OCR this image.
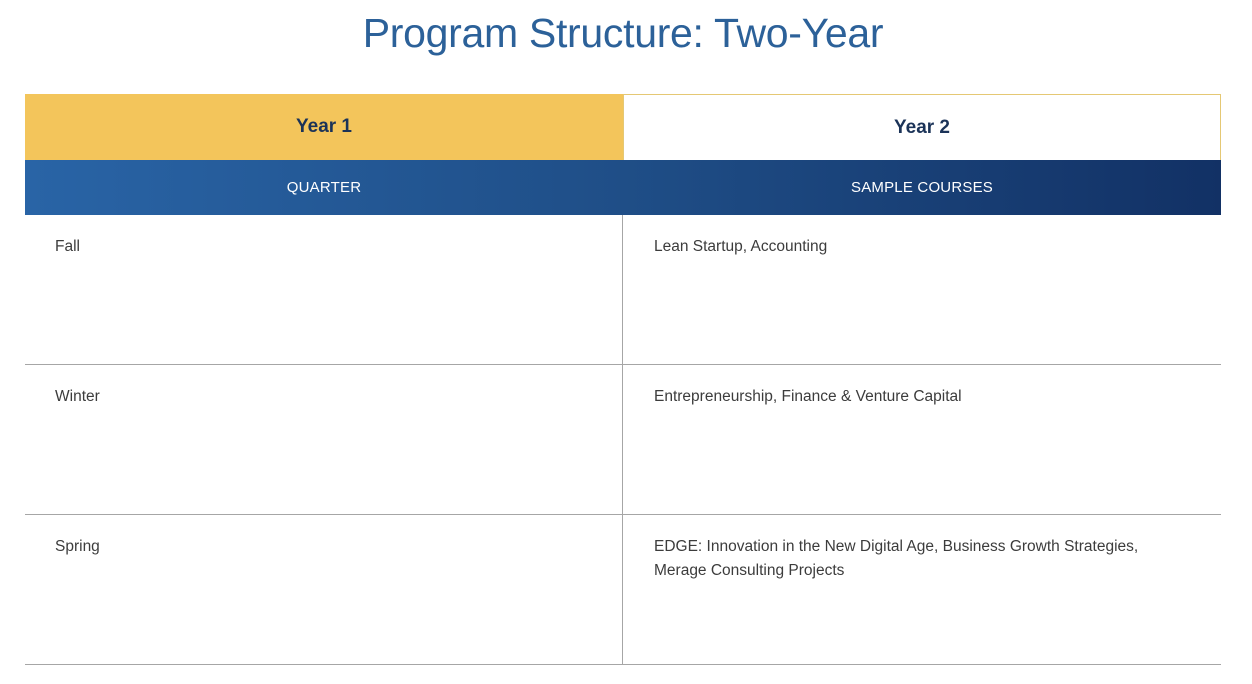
Program Structure: Two-Year
Year 1	Year 2
QUARTER	SAMPLE COURSES
Fall	Lean Startup, Accounting
Winter	Entrepreneurship, Finance & Venture Capital
Spring	EDGE: Innovation in the New Digital Age, Business Growth Strategies, Merage Consulting Projects
